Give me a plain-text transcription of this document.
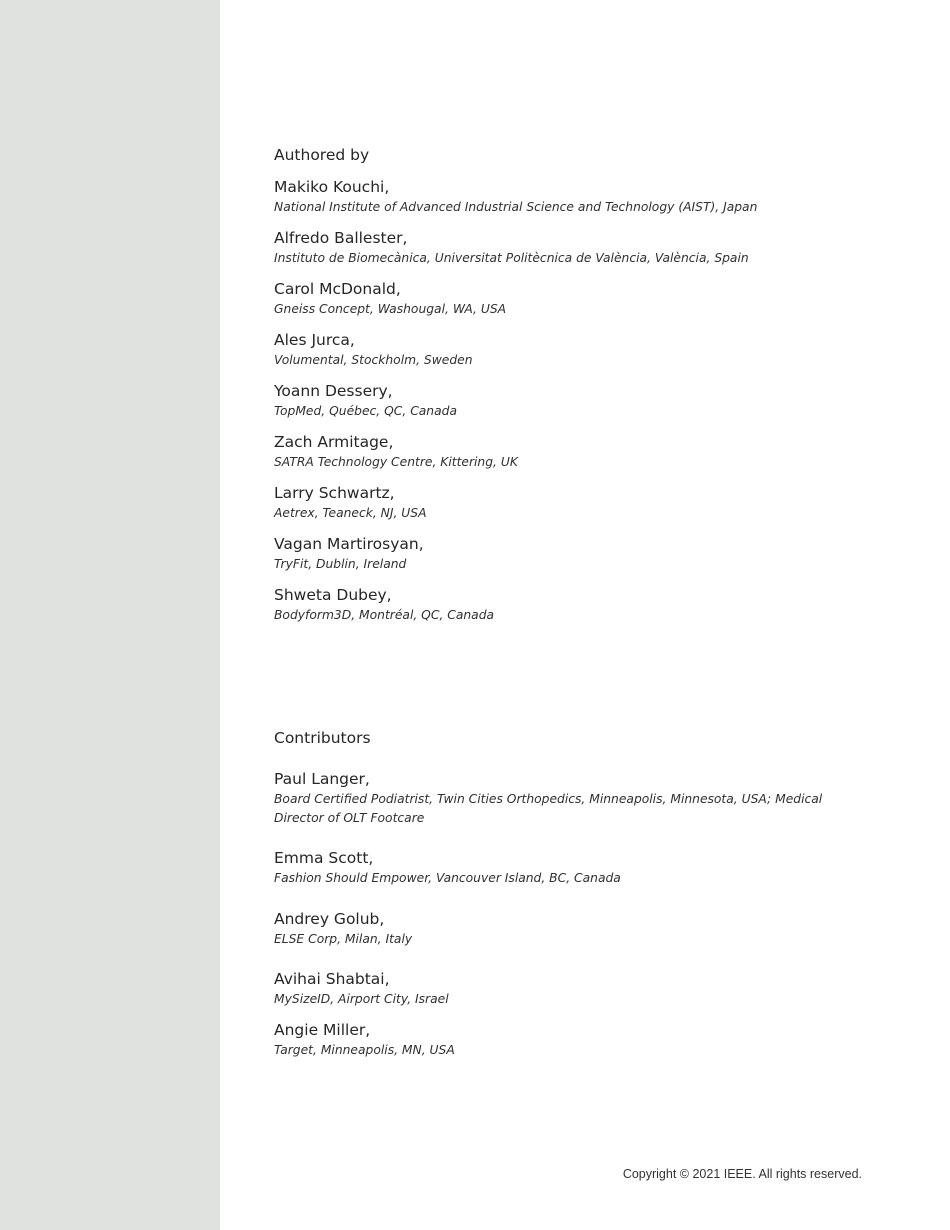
Authored by
Makiko Kouchi,
National Institute of Advanced Industrial Science and Technology (AIST), Japan
Alfredo Ballester,
Instituto de Biomecànica, Universitat Politècnica de València, València, Spain
Carol McDonald,
Gneiss Concept, Washougal, WA, USA
Ales Jurca,
Volumental, Stockholm, Sweden
Yoann Dessery,
TopMed, Québec, QC, Canada
Zach Armitage,
SATRA Technology Centre, Kittering, UK
Larry Schwartz,
Aetrex, Teaneck, NJ, USA
Vagan Martirosyan,
TryFit, Dublin, Ireland
Shweta Dubey,
Bodyform3D, Montréal, QC, Canada
Contributors
Paul Langer,
Board Certified Podiatrist, Twin Cities Orthopedics, Minneapolis, Minnesota, USA; Medical Director of OLT Footcare
Emma Scott,
Fashion Should Empower, Vancouver Island, BC, Canada
Andrey Golub,
ELSE Corp, Milan, Italy
Avihai Shabtai,
MySizeID, Airport City, Israel
Angie Miller,
Target, Minneapolis, MN, USA
Copyright © 2021 IEEE. All rights reserved.
